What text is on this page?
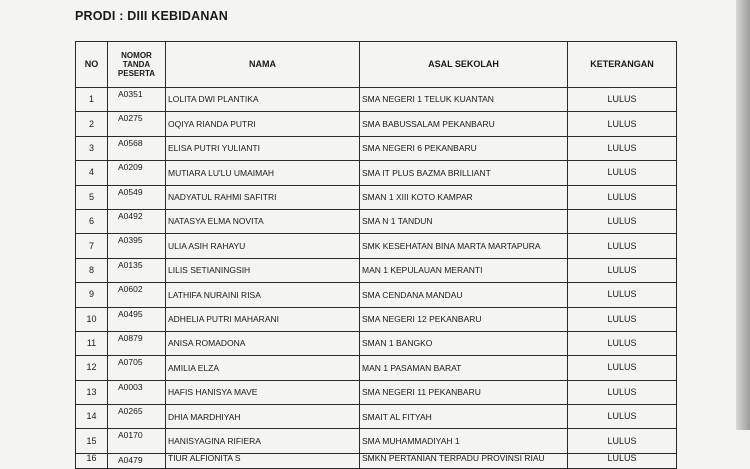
PRODI : DIII KEBIDANAN
NO	NOMOR TANDA PESERTA	NAMA	ASAL SEKOLAH	KETERANGAN
1	A0351	LOLITA DWI PLANTIKA	SMA NEGERI 1 TELUK KUANTAN	LULUS
2	A0275	OQIYA RIANDA PUTRI	SMA BABUSSALAM PEKANBARU	LULUS
3	A0568	ELISA PUTRI YULIANTI	SMA NEGERI 6 PEKANBARU	LULUS
4	A0209	MUTIARA LU'LU UMAIMAH	SMA IT PLUS BAZMA BRILLIANT	LULUS
5	A0549	NADYATUL RAHMI SAFITRI	SMAN 1 XIII KOTO KAMPAR	LULUS
6	A0492	NATASYA ELMA NOVITA	SMA N 1 TANDUN	LULUS
7	A0395	ULIA ASIH RAHAYU	SMK KESEHATAN BINA MARTA MARTAPURA	LULUS
8	A0135	LILIS SETIANINGSIH	MAN 1 KEPULAUAN MERANTI	LULUS
9	A0602	LATHIFA NURAINI RISA	SMA CENDANA MANDAU	LULUS
10	A0495	ADHELIA PUTRI MAHARANI	SMA NEGERI 12 PEKANBARU	LULUS
11	A0879	ANISA ROMADONA	SMAN 1 BANGKO	LULUS
12	A0705	AMILIA ELZA	MAN 1 PASAMAN BARAT	LULUS
13	A0003	HAFIS HANISYA MAVE	SMA NEGERI 11 PEKANBARU	LULUS
14	A0265	DHIA MARDHIYAH	SMAIT AL FITYAH	LULUS
15	A0170	HANISYAGINA RIFIERA	SMA MUHAMMADIYAH 1	LULUS
16	A0479	TIUR ALFIONITA S	SMKN PERTANIAN TERPADU PROVINSI RIAU	LULUS
